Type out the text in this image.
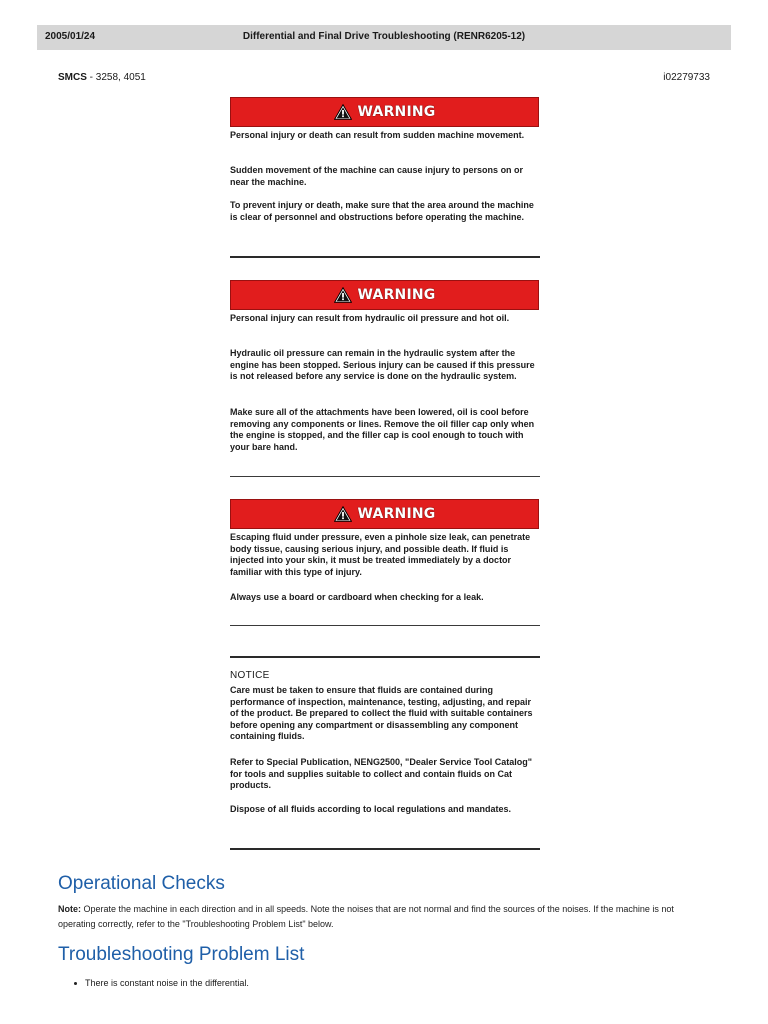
2005/01/24	Differential and Final Drive Troubleshooting (RENR6205-12)
SMCS - 3258, 4051	i02279733
WARNING

Personal injury or death can result from sudden machine movement.

Sudden movement of the machine can cause injury to persons on or near the machine.

To prevent injury or death, make sure that the area around the machine is clear of personnel and obstructions before operating the machine.

WARNING

Personal injury can result from hydraulic oil pressure and hot oil.

Hydraulic oil pressure can remain in the hydraulic system after the engine has been stopped. Serious injury can be caused if this pressure is not released before any service is done on the hydraulic system.

Make sure all of the attachments have been lowered, oil is cool before removing any components or lines. Remove the oil filler cap only when the engine is stopped, and the filler cap is cool enough to touch with your bare hand.

WARNING

Escaping fluid under pressure, even a pinhole size leak, can penetrate body tissue, causing serious injury, and possible death. If fluid is injected into your skin, it must be treated immediately by a doctor familiar with this type of injury.

Always use a board or cardboard when checking for a leak.

NOTICE

Care must be taken to ensure that fluids are contained during performance of inspection, maintenance, testing, adjusting, and repair of the product. Be prepared to collect the fluid with suitable containers before opening any compartment or disassembling any component containing fluids.

Refer to Special Publication, NENG2500, "Dealer Service Tool Catalog" for tools and supplies suitable to collect and contain fluids on Cat products.

Dispose of all fluids according to local regulations and mandates.

Operational Checks

Note: Operate the machine in each direction and in all speeds. Note the noises that are not normal and find the sources of the noises. If the machine is not operating correctly, refer to the "Troubleshooting Problem List" below.

Troubleshooting Problem List
There is constant noise in the differential.
